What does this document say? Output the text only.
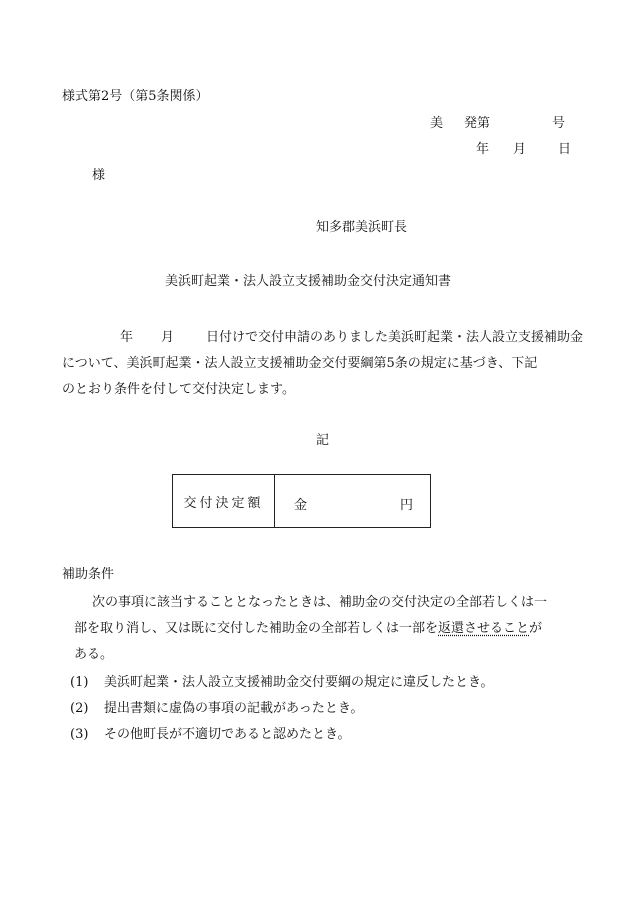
様式第2号（第5条関係）
美 発第	号
年 月 日
様
知多郡美浜町長
美浜町起業・法人設立支援補助金交付決定通知書
年 月 日付けで交付申請のありました美浜町起業・法人設立支援補助金
について、美浜町起業・法人設立支援補助金交付要綱第5条の規定に基づき、下記
のとおり条件を付して交付決定します。
記
交付決定額	金	円
補助条件
次の事項に該当することとなったときは、補助金の交付決定の全部若しくは一
部を取り消し、又は既に交付した補助金の全部若しくは一部を返還させることが
ある。
(1)	美浜町起業・法人設立支援補助金交付要綱の規定に違反したとき。
(2)	提出書類に虚偽の事項の記載があったとき。
(3)	その他町長が不適切であると認めたとき。
